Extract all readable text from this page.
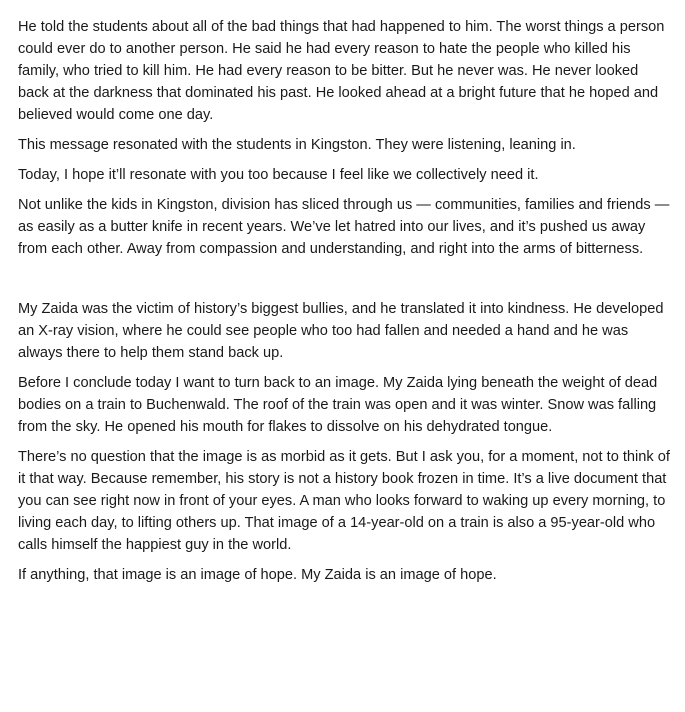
He told the students about all of the bad things that had happened to him. The worst things a person could ever do to another person. He said he had every reason to hate the people who killed his family, who tried to kill him. He had every reason to be bitter. But he never was. He never looked back at the darkness that dominated his past. He looked ahead at a bright future that he hoped and believed would come one day.

This message resonated with the students in Kingston. They were listening, leaning in.

Today, I hope it’ll resonate with you too because I feel like we collectively need it.

Not unlike the kids in Kingston, division has sliced through us — communities, families and friends — as easily as a butter knife in recent years. We’ve let hatred into our lives, and it’s pushed us away from each other. Away from compassion and understanding, and right into the arms of bitterness.

My Zaida was the victim of history’s biggest bullies, and he translated it into kindness. He developed an X-ray vision, where he could see people who too had fallen and needed a hand and he was always there to help them stand back up.

Before I conclude today I want to turn back to an image. My Zaida lying beneath the weight of dead bodies on a train to Buchenwald. The roof of the train was open and it was winter. Snow was falling from the sky. He opened his mouth for flakes to dissolve on his dehydrated tongue.

There’s no question that the image is as morbid as it gets. But I ask you, for a moment, not to think of it that way. Because remember, his story is not a history book frozen in time. It’s a live document that you can see right now in front of your eyes. A man who looks forward to waking up every morning, to living each day, to lifting others up. That image of a 14-year-old on a train is also a 95-year-old who calls himself the happiest guy in the world.

If anything, that image is an image of hope. My Zaida is an image of hope.
